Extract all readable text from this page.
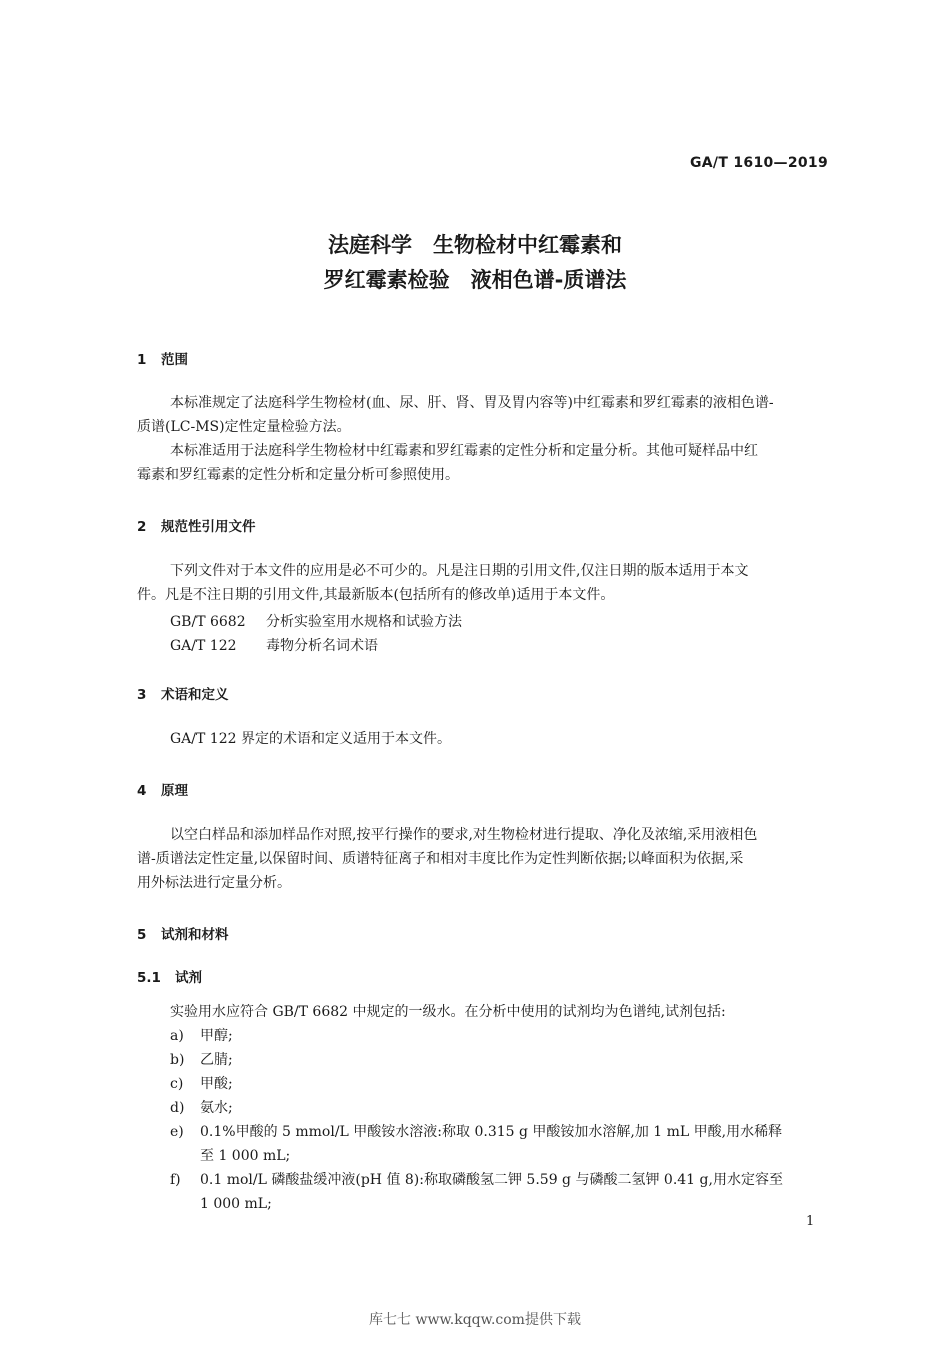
GA/T 1610—2019
法庭科学　生物检材中红霉素和
罗红霉素检验　液相色谱-质谱法
1 范围
本标准规定了法庭科学生物检材(血、尿、肝、肾、胃及胃内容等)中红霉素和罗红霉素的液相色谱-
质谱(LC-MS)定性定量检验方法。
本标准适用于法庭科学生物检材中红霉素和罗红霉素的定性分析和定量分析。其他可疑样品中红
霉素和罗红霉素的定性分析和定量分析可参照使用。
2 规范性引用文件
下列文件对于本文件的应用是必不可少的。凡是注日期的引用文件,仅注日期的版本适用于本文
件。凡是不注日期的引用文件,其最新版本(包括所有的修改单)适用于本文件。
GB/T 6682 分析实验室用水规格和试验方法
GA/T 122 毒物分析名词术语
3 术语和定义
GA/T 122 界定的术语和定义适用于本文件。
4 原理
以空白样品和添加样品作对照,按平行操作的要求,对生物检材进行提取、净化及浓缩,采用液相色
谱-质谱法定性定量,以保留时间、质谱特征离子和相对丰度比作为定性判断依据;以峰面积为依据,采
用外标法进行定量分析。
5 试剂和材料
5.1 试剂
实验用水应符合 GB/T 6682 中规定的一级水。在分析中使用的试剂均为色谱纯,试剂包括:
a) 甲醇;
b) 乙腈;
c) 甲酸;
d) 氨水;
e) 0.1%甲酸的 5 mmol/L 甲酸铵水溶液:称取 0.315 g 甲酸铵加水溶解,加 1 mL 甲酸,用水稀释
至 1 000 mL;
f) 0.1 mol/L 磷酸盐缓冲液(pH 值 8):称取磷酸氢二钾 5.59 g 与磷酸二氢钾 0.41 g,用水定容至
1 000 mL;
1
库七七 www.kqqw.com提供下载
